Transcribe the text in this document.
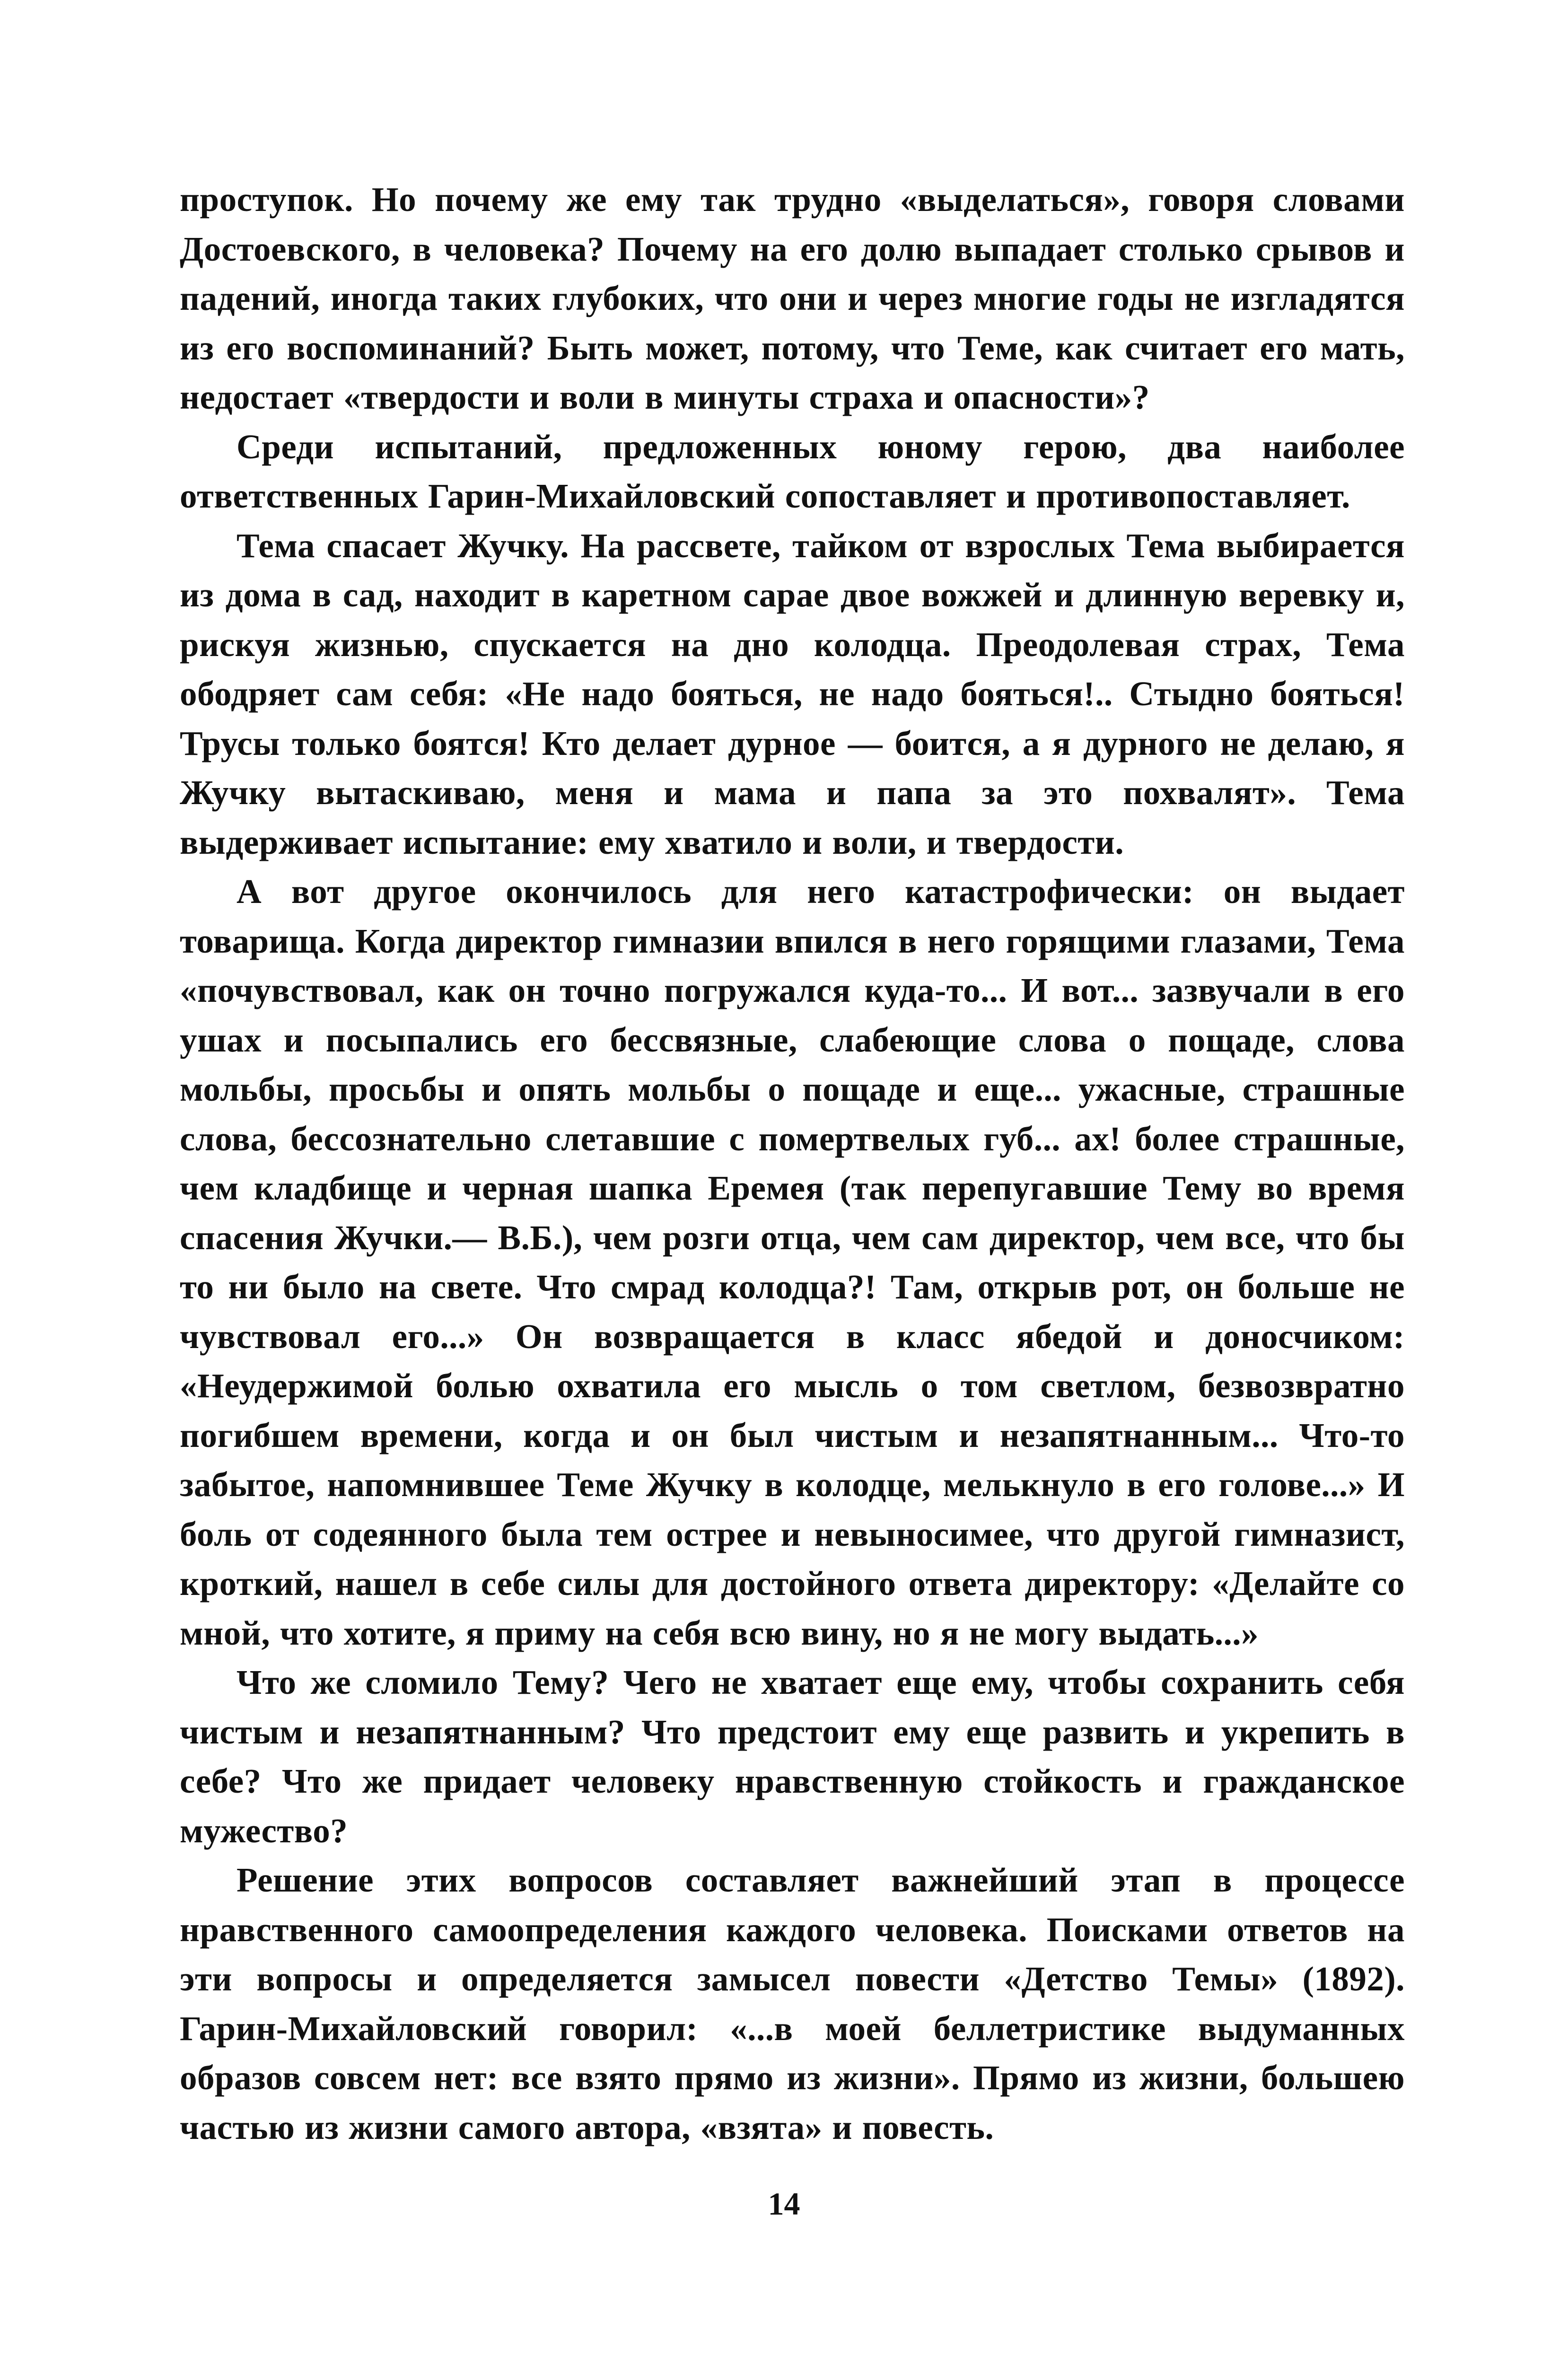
проступок. Но почему же ему так трудно «выделаться», говоря словами Достоевского, в человека? Почему на его долю выпадает столько срывов и падений, иногда таких глубоких, что они и через многие годы не изгладятся из его воспоминаний? Быть может, потому, что Теме, как считает его мать, недостает «твердости и воли в минуты страха и опасности»?

Среди испытаний, предложенных юному герою, два наиболее ответственных Гарин-Михайловский сопоставляет и противопоставляет.

Тема спасает Жучку. На рассвете, тайком от взрослых Тема выбирается из дома в сад, находит в каретном сарае двое вожжей и длинную веревку и, рискуя жизнью, спускается на дно колодца. Преодолевая страх, Тема ободряет сам себя: «Не надо бояться, не надо бояться!.. Стыдно бояться! Трусы только боятся! Кто делает дурное — боится, а я дурного не делаю, я Жучку вытаскиваю, меня и мама и папа за это похвалят». Тема выдерживает испытание: ему хватило и воли, и твердости.

А вот другое окончилось для него катастрофически: он выдает товарища. Когда директор гимназии впился в него горящими глазами, Тема «почувствовал, как он точно погружался куда-то... И вот... зазвучали в его ушах и посыпались его бессвязные, слабеющие слова о пощаде, слова мольбы, просьбы и опять мольбы о пощаде и еще... ужасные, страшные слова, бессознательно слетавшие с помертвелых губ... ах! более страшные, чем кладбище и черная шапка Еремея (так перепугавшие Тему во время спасения Жучки.— В.Б.), чем розги отца, чем сам директор, чем все, что бы то ни было на свете. Что смрад колодца?! Там, открыв рот, он больше не чувствовал его...» Он возвращается в класс ябедой и доносчиком: «Неудержимой болью охватила его мысль о том светлом, безвозвратно погибшем времени, когда и он был чистым и незапятнанным... Что-то забытое, напомнившее Теме Жучку в колодце, мелькнуло в его голове...» И боль от содеянного была тем острее и невыносимее, что другой гимназист, кроткий, нашел в себе силы для достойного ответа директору: «Делайте со мной, что хотите, я приму на себя всю вину, но я не могу выдать...»

Что же сломило Тему? Чего не хватает еще ему, чтобы сохранить себя чистым и незапятнанным? Что предстоит ему еще развить и укрепить в себе? Что же придает человеку нравственную стойкость и гражданское мужество?

Решение этих вопросов составляет важнейший этап в процессе нравственного самоопределения каждого человека. Поисками ответов на эти вопросы и определяется замысел повести «Детство Темы» (1892). Гарин-Михайловский говорил: «...в моей беллетристике выдуманных образов совсем нет: все взято прямо из жизни». Прямо из жизни, большею частью из жизни самого автора, «взята» и повесть.

14
